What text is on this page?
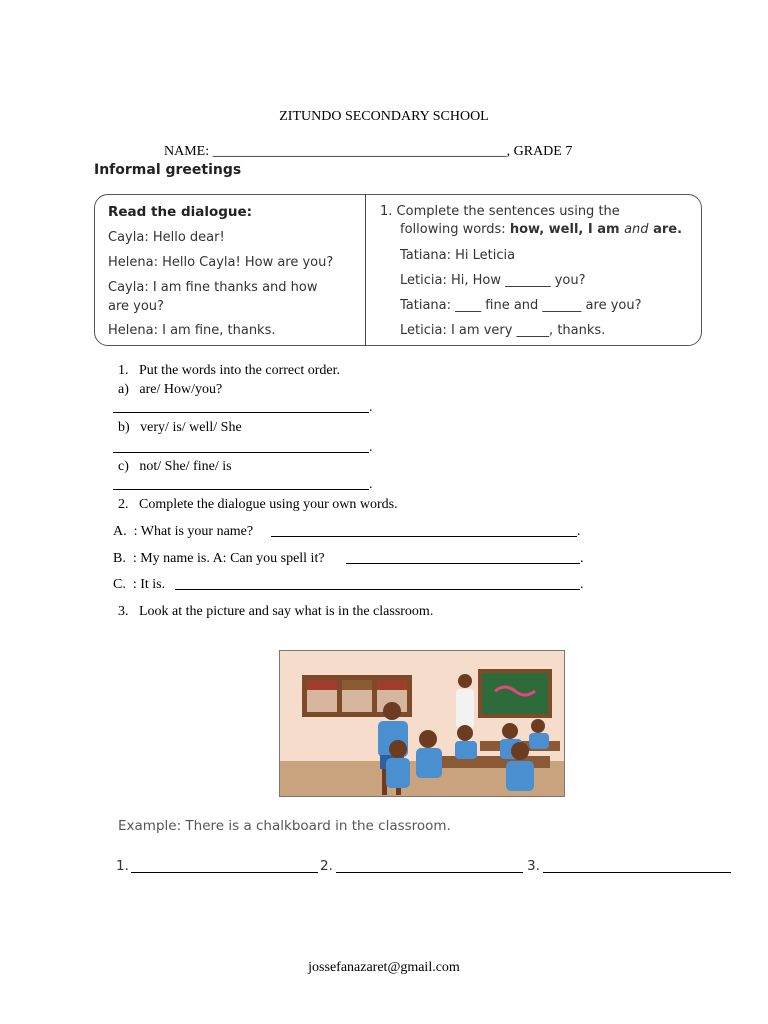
ZITUNDO SECONDARY SCHOOL
NAME: __________________________________________, GRADE 7
Informal greetings
Read the dialogue:
Cayla: Hello dear!
Helena: Hello Cayla! How are you?
Cayla: I am fine thanks and how
are you?
Helena: I am fine, thanks.
1. Complete the sentences using the
following words: how, well, I am and are.
Tatiana: Hi Leticia
Leticia: Hi, How _______ you?
Tatiana: ____ fine and ______ are you?
Leticia: I am very _____, thanks.
1. Put the words into the correct order.
a) are/ How/you?
.
b) very/ is/ well/ She
.
c) not/ She/ fine/ is
.
2. Complete the dialogue using your own words.
A. : What is your name?	.
B. : My name is. A: Can you spell it?	.
C. : It is.	.
3. Look at the picture and say what is in the classroom.
Example: There is a chalkboard in the classroom.
1.	2.	3.
jossefanazaret@gmail.com
